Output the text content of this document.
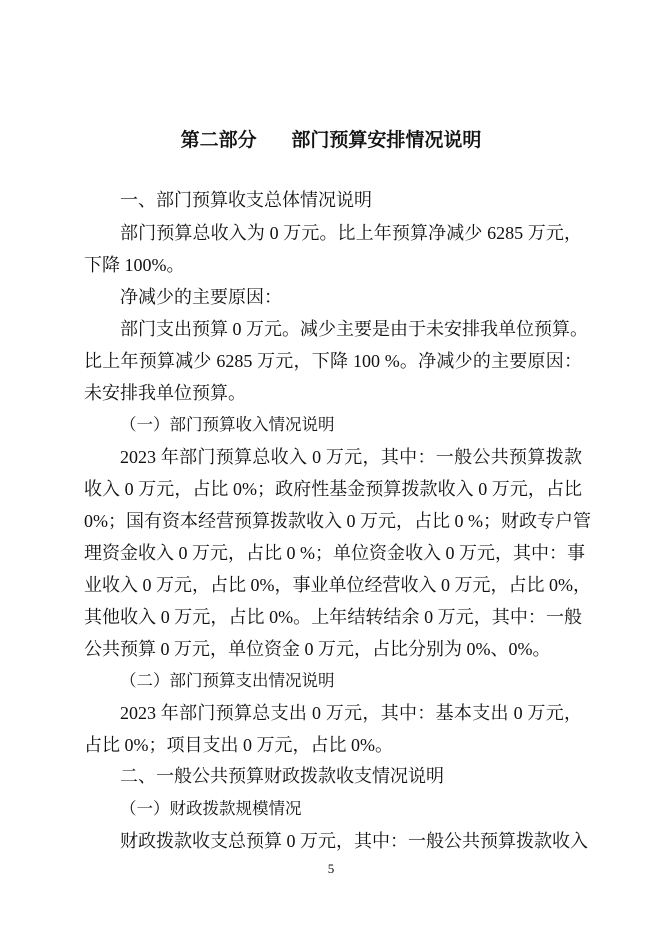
第二部分 部门预算安排情况说明
一、部门预算收支总体情况说明
部门预算总收入为 0 万元。比上年预算净减少 6285 万元，
下降 100%。
净减少的主要原因：
部门支出预算 0 万元。减少主要是由于未安排我单位预算。
比上年预算减少 6285 万元，下降 100 %。净减少的主要原因：
未安排我单位预算。
（一）部门预算收入情况说明
2023 年部门预算总收入 0 万元，其中：一般公共预算拨款
收入 0 万元，占比 0%；政府性基金预算拨款收入 0 万元，占比
0%；国有资本经营预算拨款收入 0 万元，占比 0 %；财政专户管
理资金收入 0 万元，占比 0 %；单位资金收入 0 万元，其中：事
业收入 0 万元，占比 0%，事业单位经营收入 0 万元，占比 0%，
其他收入 0 万元，占比 0%。上年结转结余 0 万元，其中：一般
公共预算 0 万元，单位资金 0 万元，占比分别为 0%、0%。
（二）部门预算支出情况说明
2023 年部门预算总支出 0 万元，其中：基本支出 0 万元，
占比 0%；项目支出 0 万元，占比 0%。
二、一般公共预算财政拨款收支情况说明
（一）财政拨款规模情况
财政拨款收支总预算 0 万元，其中：一般公共预算拨款收入
5
